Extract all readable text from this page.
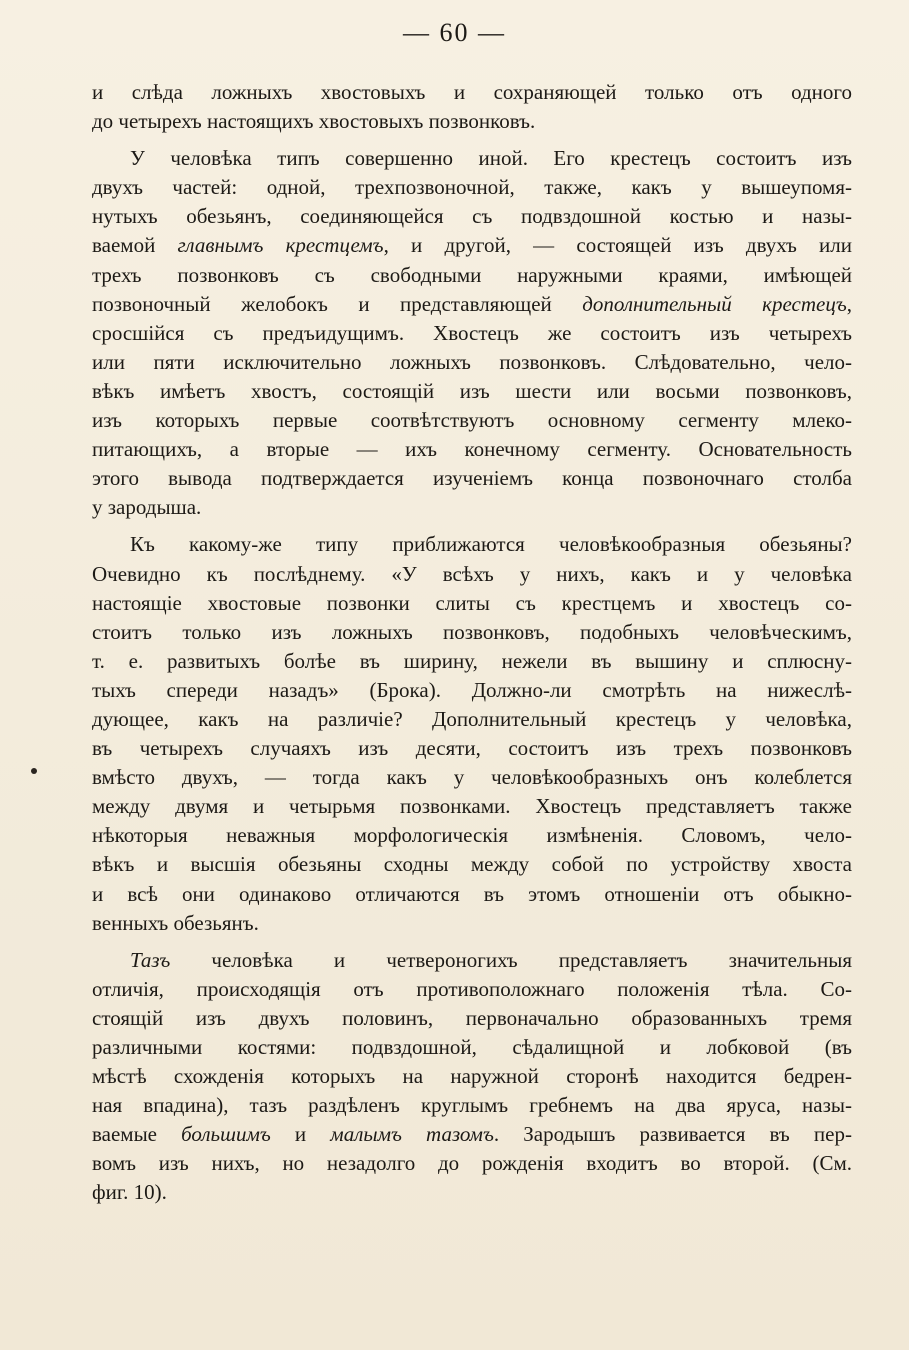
— 60 —
и слѣда ложныхъ хвостовыхъ и сохраняющей только отъ одного
до четырехъ настоящихъ хвостовыхъ позвонковъ.
У человѣка типъ совершенно иной. Его крестецъ состоитъ изъ
двухъ частей: одной, трехпозвоночной, также, какъ у вышеупомя-
нутыхъ обезьянъ, соединяющейся съ подвздошной костью и назы-
ваемой главнымъ крестцемъ, и другой, — состоящей изъ двухъ или
трехъ позвонковъ съ свободными наружными краями, имѣющей
позвоночный желобокъ и представляющей дополнительный крестецъ,
сросшійся съ предъидущимъ. Хвостецъ же состоитъ изъ четырехъ
или пяти исключительно ложныхъ позвонковъ. Слѣдовательно, чело-
вѣкъ имѣетъ хвостъ, состоящій изъ шести или восьми позвонковъ,
изъ которыхъ первые соотвѣтствуютъ основному сегменту млеко-
питающихъ, а вторые — ихъ конечному сегменту. Основательность
этого вывода подтверждается изученіемъ конца позвоночнаго столба
у зародыша.
Къ какому-же типу приближаются человѣкообразныя обезьяны?
Очевидно къ послѣднему. «У всѣхъ у нихъ, какъ и у человѣка
настоящіе хвостовые позвонки слиты съ крестцемъ и хвостецъ со-
стоитъ только изъ ложныхъ позвонковъ, подобныхъ человѣческимъ,
т. е. развитыхъ болѣе въ ширину, нежели въ вышину и сплюсну-
тыхъ спереди назадъ» (Брока). Должно-ли смотрѣть на нижеслѣ-
дующее, какъ на различіе? Дополнительный крестецъ у человѣка,
въ четырехъ случаяхъ изъ десяти, состоитъ изъ трехъ позвонковъ
вмѣсто двухъ, — тогда какъ у человѣкообразныхъ онъ колеблется
между двумя и четырьмя позвонками. Хвостецъ представляетъ также
нѣкоторыя неважныя морфологическія измѣненія. Словомъ, чело-
вѣкъ и высшія обезьяны сходны между собой по устройству хвоста
и всѣ они одинаково отличаются въ этомъ отношеніи отъ обыкно-
венныхъ обезьянъ.
Тазъ человѣка и четвероногихъ представляетъ значительныя
отличія, происходящія отъ противоположнаго положенія тѣла. Со-
стоящій изъ двухъ половинъ, первоначально образованныхъ тремя
различными костями: подвздошной, сѣдалищной и лобковой (въ
мѣстѣ схожденія которыхъ на наружной сторонѣ находится бедрен-
ная впадина), тазъ раздѣленъ круглымъ гребнемъ на два яруса, назы-
ваемые большимъ и малымъ тазомъ. Зародышъ развивается въ пер-
вомъ изъ нихъ, но незадолго до рожденія входитъ во второй. (См.
фиг. 10).
